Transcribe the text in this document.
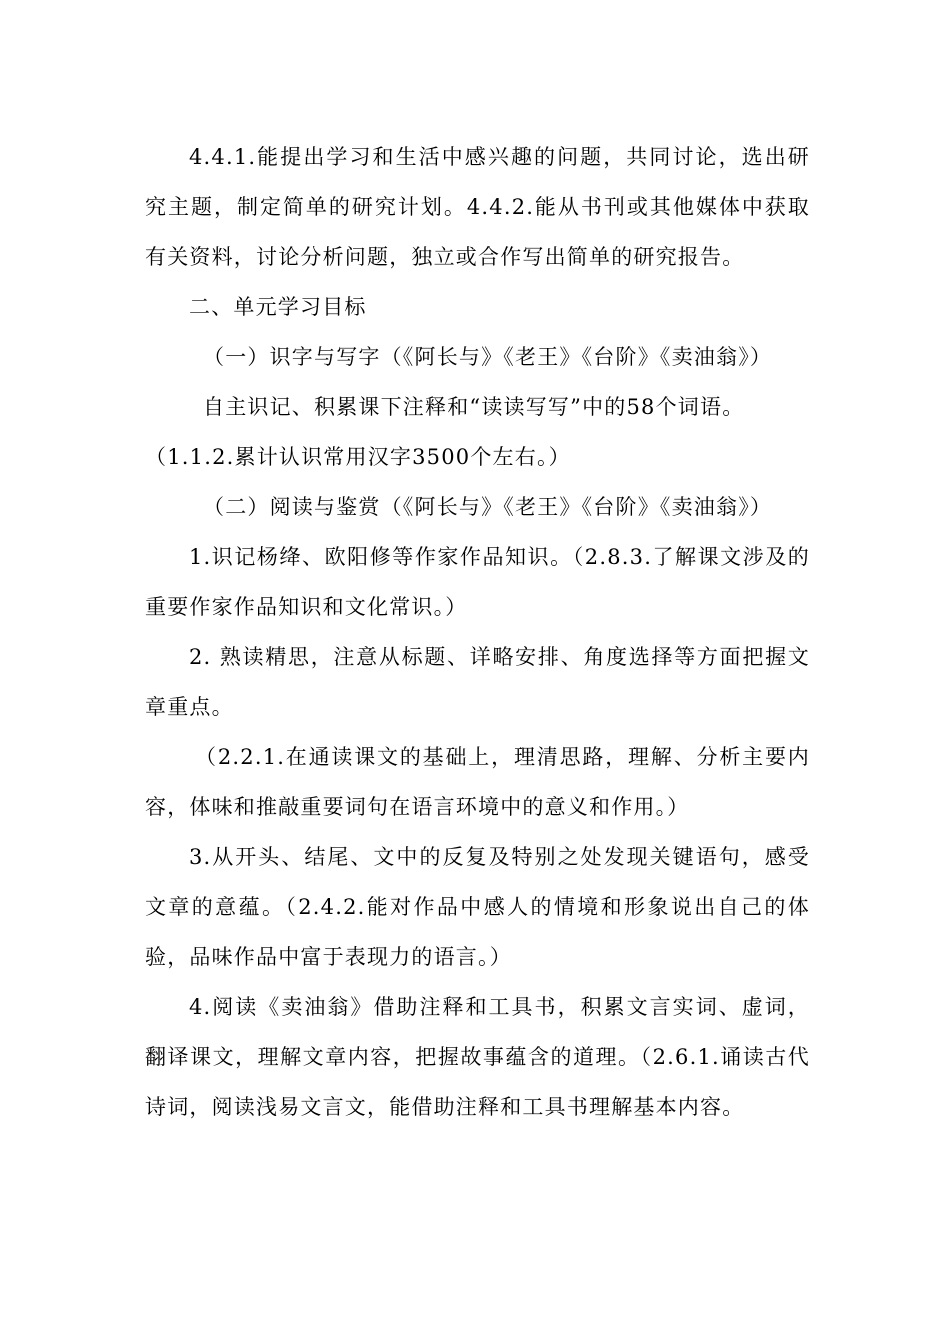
4.4.1.能提出学习和生活中感兴趣的问题，共同讨论，选出研究主题，制定简单的研究计划。4.4.2.能从书刊或其他媒体中获取有关资料，讨论分析问题，独立或合作写出简单的研究报告。

二、单元学习目标

（一）识字与写字（《阿长与》《老王》《台阶》《卖油翁》）

自主识记、积累课下注释和“读读写写”中的58个词语。

（1.1.2.累计认识常用汉字3500个左右。）

（二）阅读与鉴赏（《阿长与》《老王》《台阶》《卖油翁》）

1.识记杨绛、欧阳修等作家作品知识。（2.8.3.了解课文涉及的重要作家作品知识和文化常识。）

2. 熟读精思，注意从标题、详略安排、角度选择等方面把握文章重点。

（2.2.1.在通读课文的基础上，理清思路，理解、分析主要内容，体味和推敲重要词句在语言环境中的意义和作用。）

3.从开头、结尾、文中的反复及特别之处发现关键语句，感受文章的意蕴。（2.4.2.能对作品中感人的情境和形象说出自己的体验，品味作品中富于表现力的语言。）

4.阅读《卖油翁》借助注释和工具书，积累文言实词、虚词，翻译课文，理解文章内容，把握故事蕴含的道理。（2.6.1.诵读古代诗词，阅读浅易文言文，能借助注释和工具书理解基本内容。
